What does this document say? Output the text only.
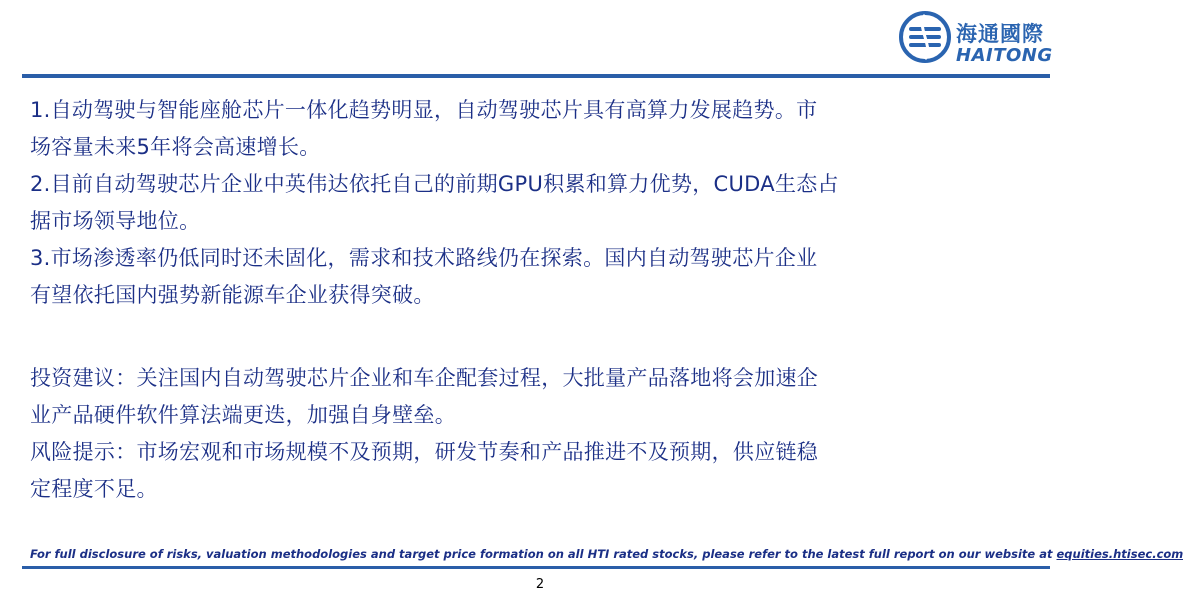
海通國際
HAITONG
1.自动驾驶与智能座舱芯片一体化趋势明显，自动驾驶芯片具有高算力发展趋势。市
场容量未来5年将会高速增长。
2.目前自动驾驶芯片企业中英伟达依托自己的前期GPU积累和算力优势，CUDA生态占
据市场领导地位。
3.市场渗透率仍低同时还未固化，需求和技术路线仍在探索。国内自动驾驶芯片企业
有望依托国内强势新能源车企业获得突破。
投资建议：关注国内自动驾驶芯片企业和车企配套过程，大批量产品落地将会加速企
业产品硬件软件算法端更迭，加强自身壁垒。
风险提示：市场宏观和市场规模不及预期，研发节奏和产品推进不及预期，供应链稳
定程度不足。
For full disclosure of risks, valuation methodologies and target price formation on all HTI rated stocks, please refer to the latest full report on our website at equities.htisec.com
2
